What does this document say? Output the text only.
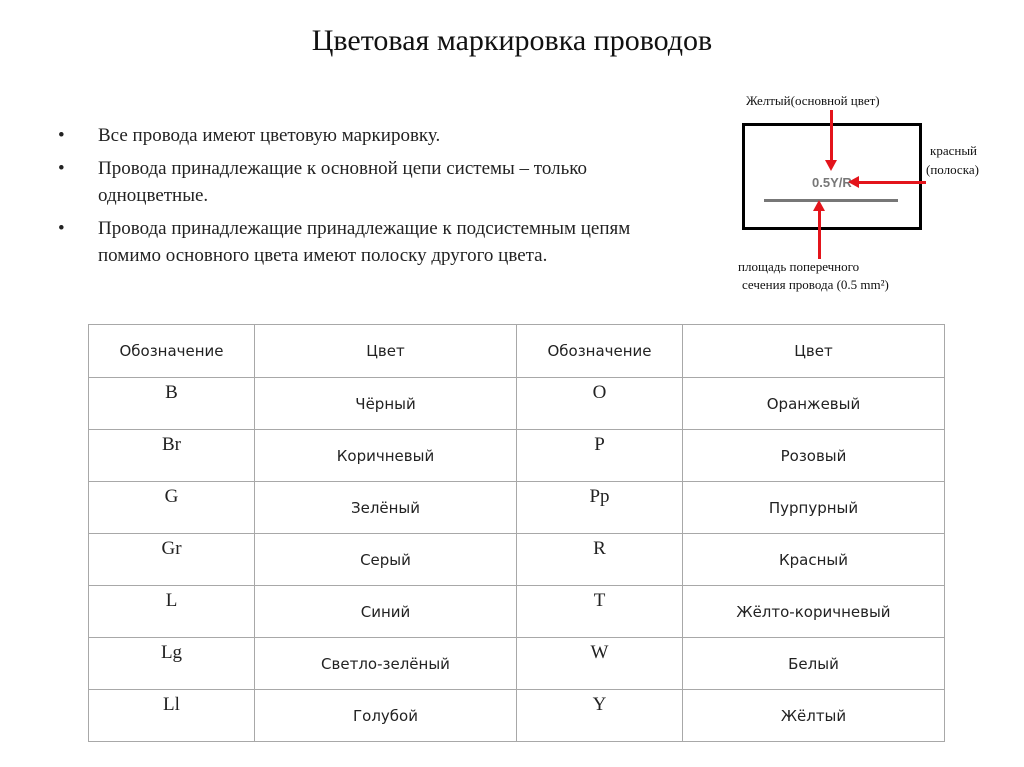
Цветовая маркировка проводов
• Все провода имеют цветовую маркировку.
• Провода принадлежащие к основной цепи системы – только одноцветные.
• Провода принадлежащие принадлежащие к подсистемным цепям помимо основного цвета имеют полоску другого цвета.
Желтый(основной цвет)
красный
(полоска)
0.5Y/R
площадь поперечного
сечения провода (0.5 mm²)
Обозначение	Цвет	Обозначение	Цвет
B	Чёрный	O	Оранжевый
Br	Коричневый	P	Розовый
G	Зелёный	Pp	Пурпурный
Gr	Серый	R	Красный
L	Синий	T	Жёлто-коричневый
Lg	Светло-зелёный	W	Белый
Ll	Голубой	Y	Жёлтый
